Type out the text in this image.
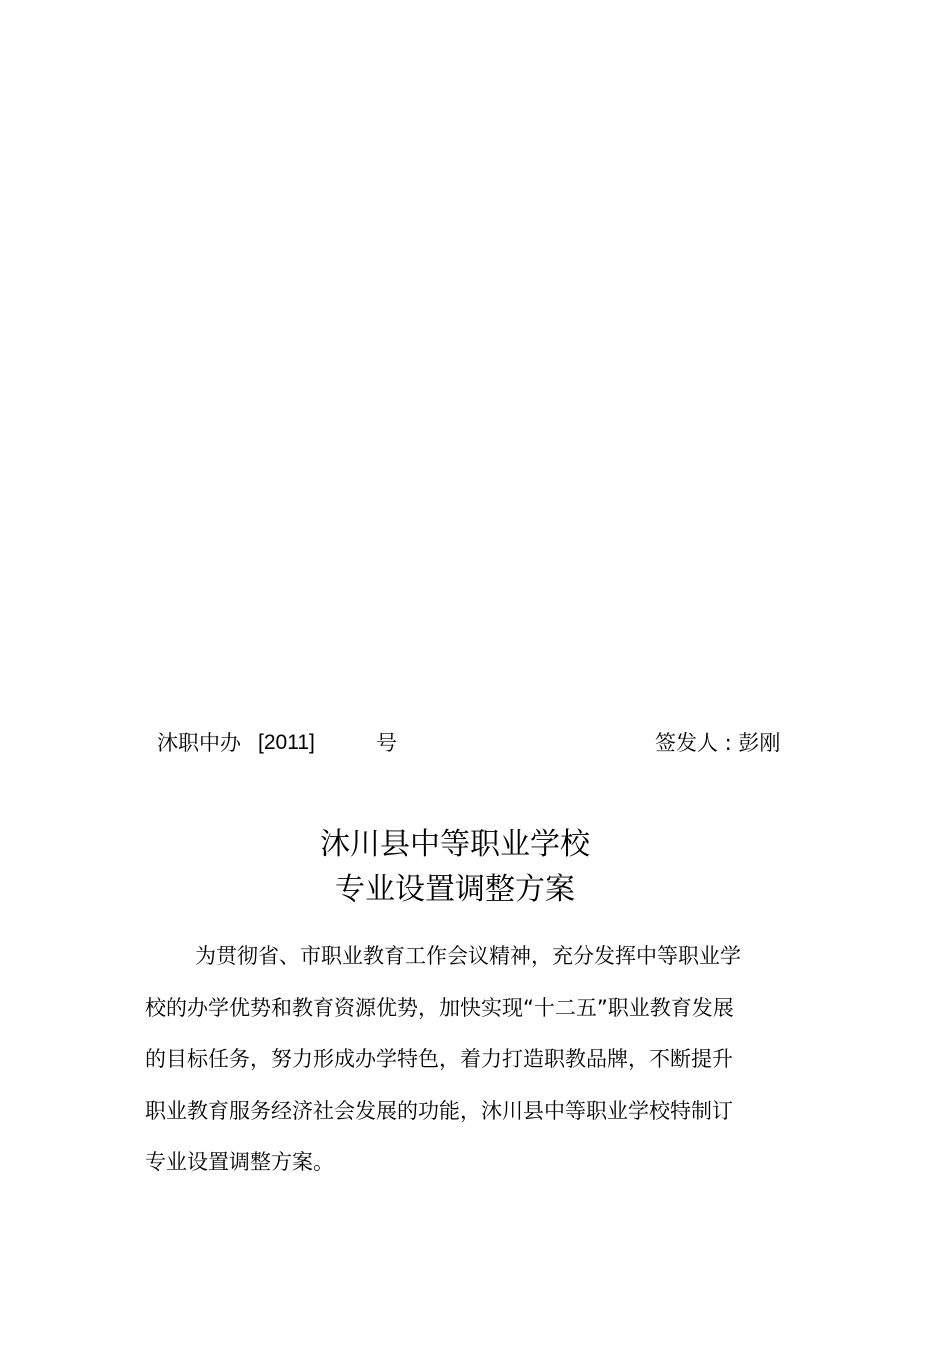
沐职中办 [2011]	号	签发人 : 彭刚
沐川县中等职业学校
专业设置调整方案

为贯彻省、市职业教育工作会议精神，充分发挥中等职业学校的办学优势和教育资源优势，加快实现“十二五”职业教育发展的目标任务，努力形成办学特色，着力打造职教品牌，不断提升职业教育服务经济社会发展的功能，沐川县中等职业学校特制订专业设置调整方案。
